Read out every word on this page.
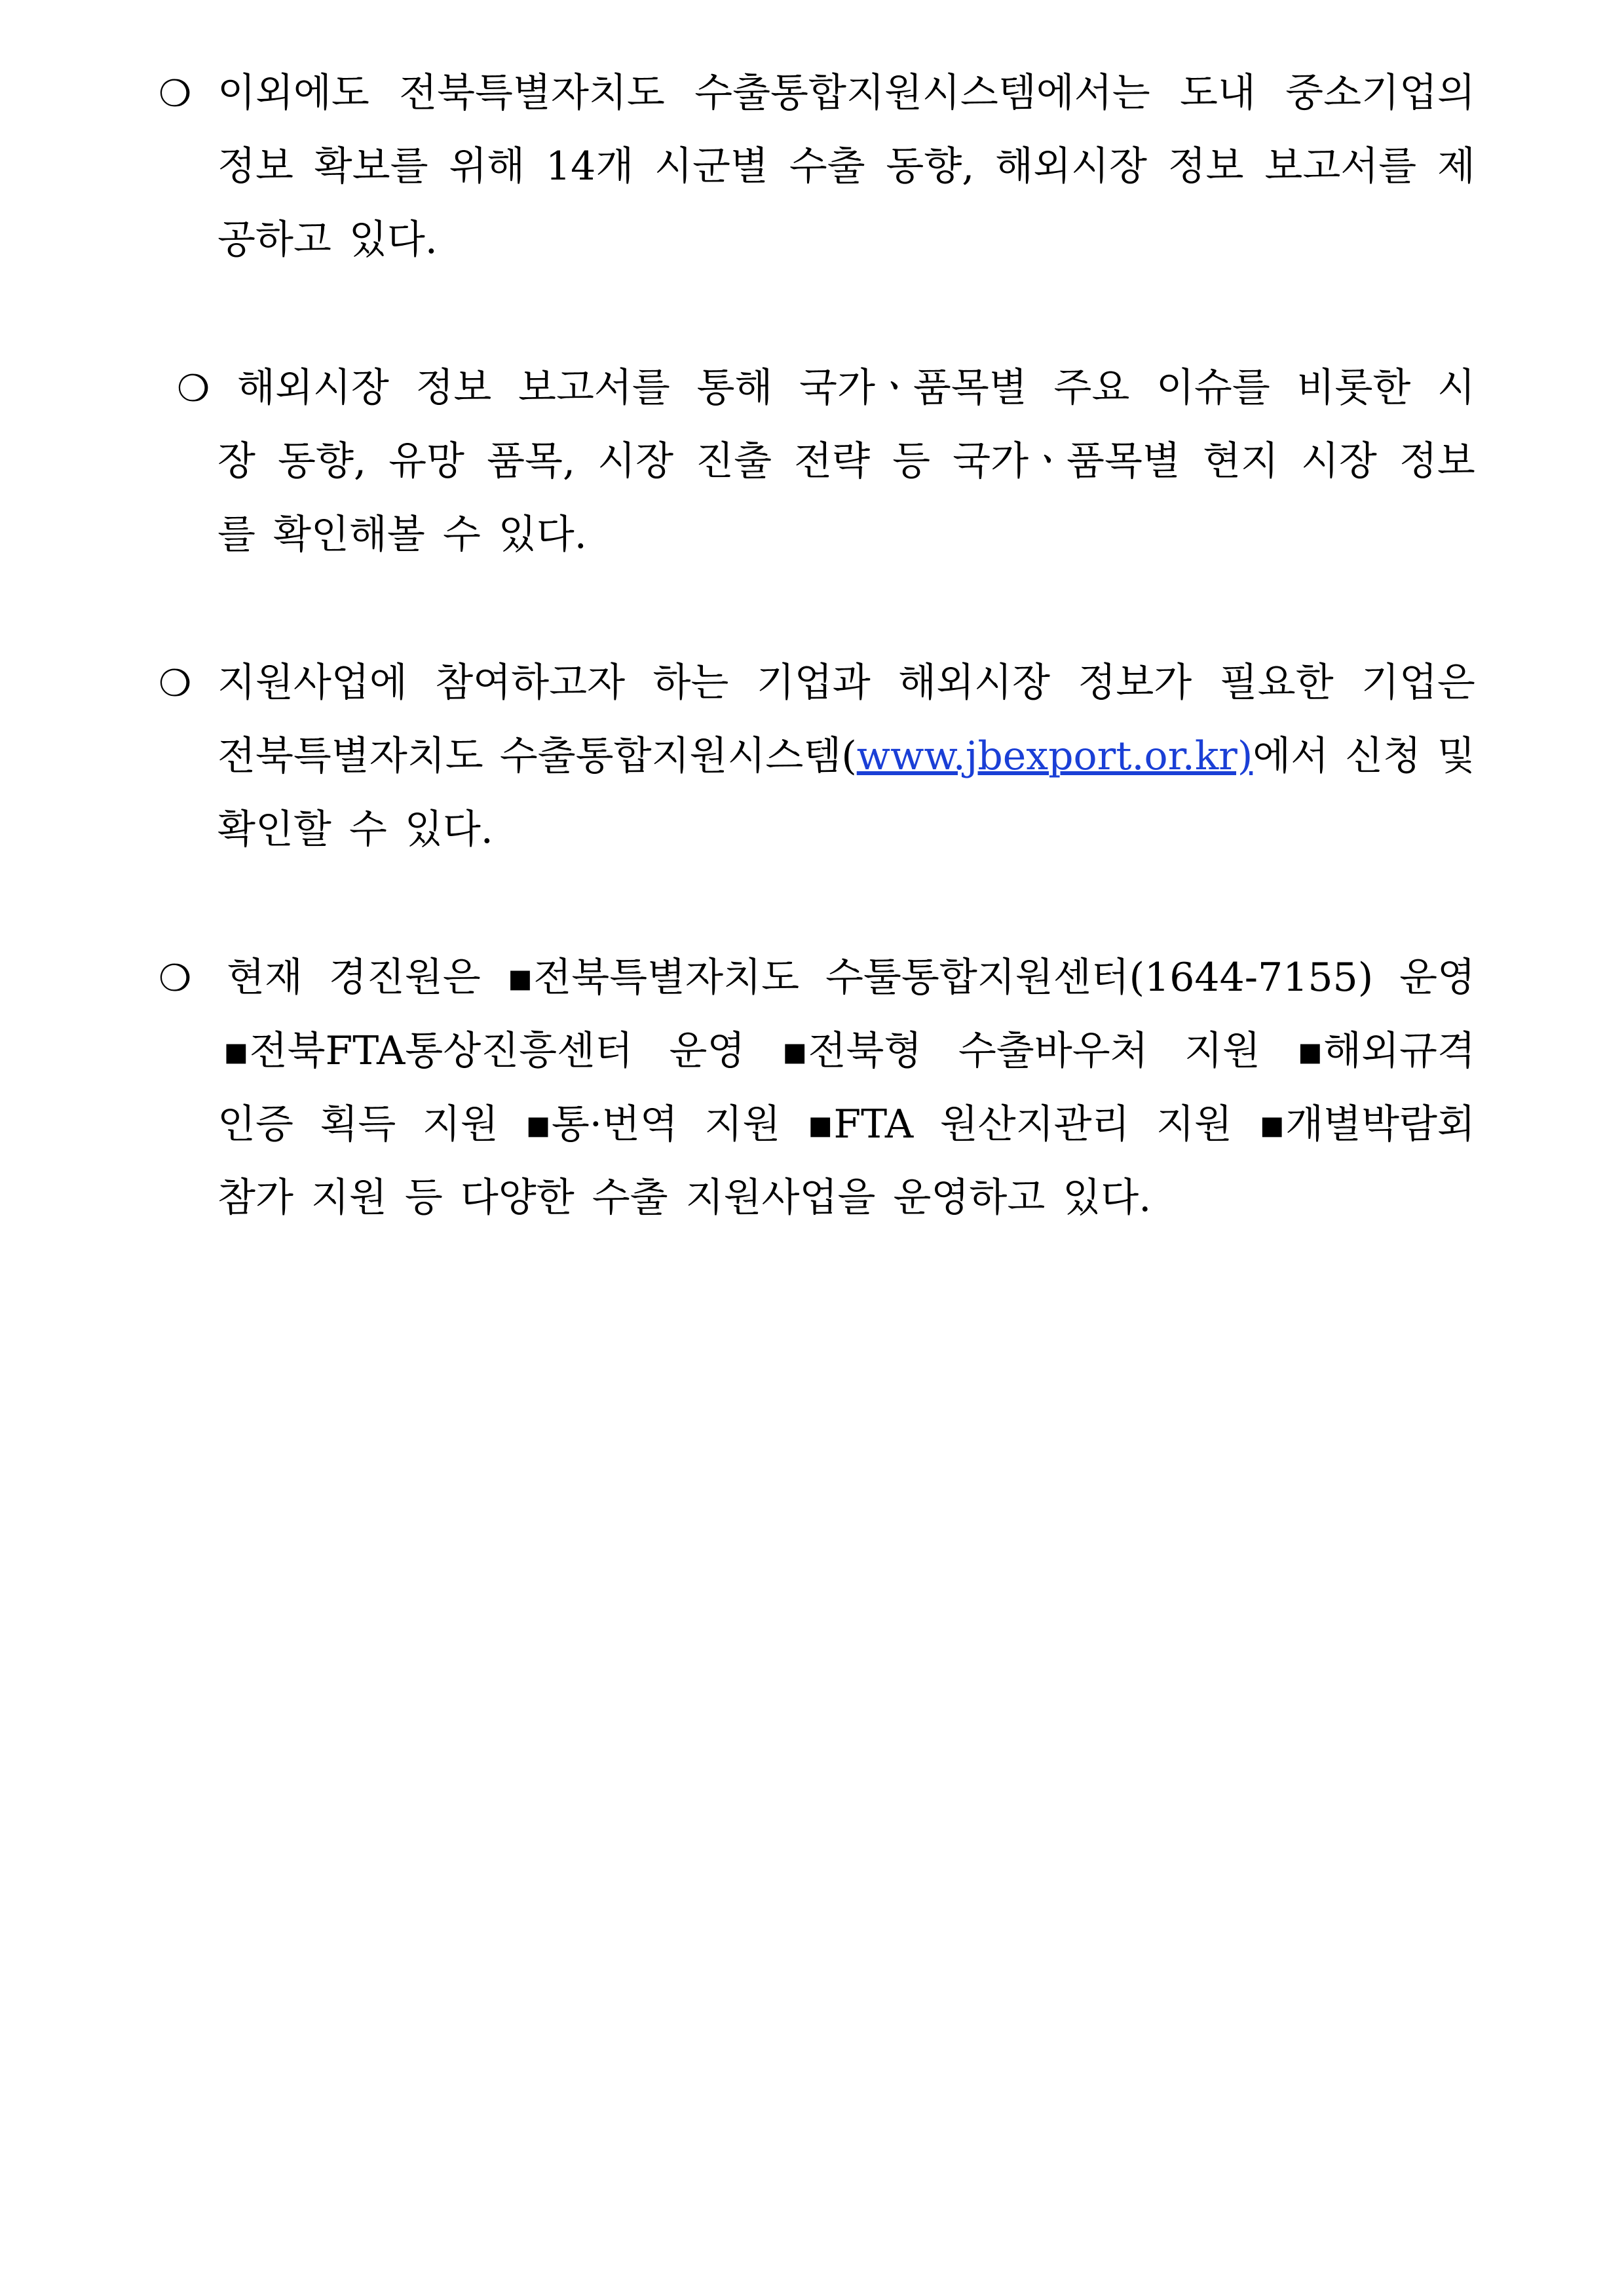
❍ 이외에도 전북특별자치도 수출통합지원시스템에서는 도내 중소기업의
정보 확보를 위해 14개 시군별 수출 동향, 해외시장 정보 보고서를 제
공하고 있다.
❍ 해외시장 정보 보고서를 통해 국가ㆍ품목별 주요 이슈를 비롯한 시
장 동향, 유망 품목, 시장 진출 전략 등 국가ㆍ품목별 현지 시장 정보
를 확인해볼 수 있다.
❍ 지원사업에 참여하고자 하는 기업과 해외시장 정보가 필요한 기업은
전북특별자치도 수출통합지원시스템(www.jbexport.or.kr)에서 신청 및
확인할 수 있다.
❍ 현재 경진원은 ▪전북특별자치도 수툴통합지원센터(1644-7155) 운영
▪전북FTA통상진흥센터 운영 ▪전북형 수출바우처 지원 ▪해외규격
인증 획득 지원 ▪통·번역 지원 ▪FTA 원산지관리 지원 ▪개별박람회
참가 지원 등 다양한 수출 지원사업을 운영하고 있다.
